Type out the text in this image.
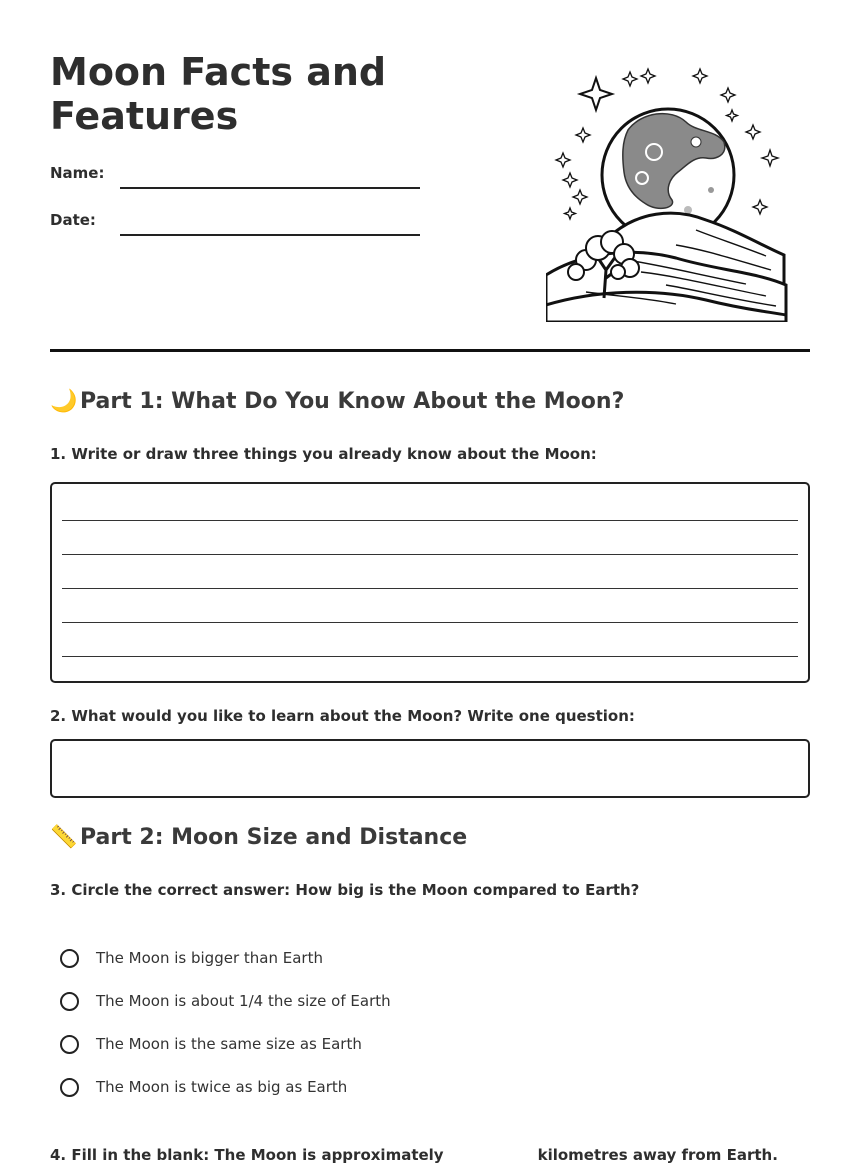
Moon Facts and Features
Name:
Date:
🌙 Part 1: What Do You Know About the Moon?
1. Write or draw three things you already know about the Moon:
2. What would you like to learn about the Moon? Write one question:
📏 Part 2: Moon Size and Distance
3. Circle the correct answer: How big is the Moon compared to Earth?
The Moon is bigger than Earth
The Moon is about 1/4 the size of Earth
The Moon is the same size as Earth
The Moon is twice as big as Earth
4. Fill in the blank: The Moon is approximately	kilometres away from Earth.
